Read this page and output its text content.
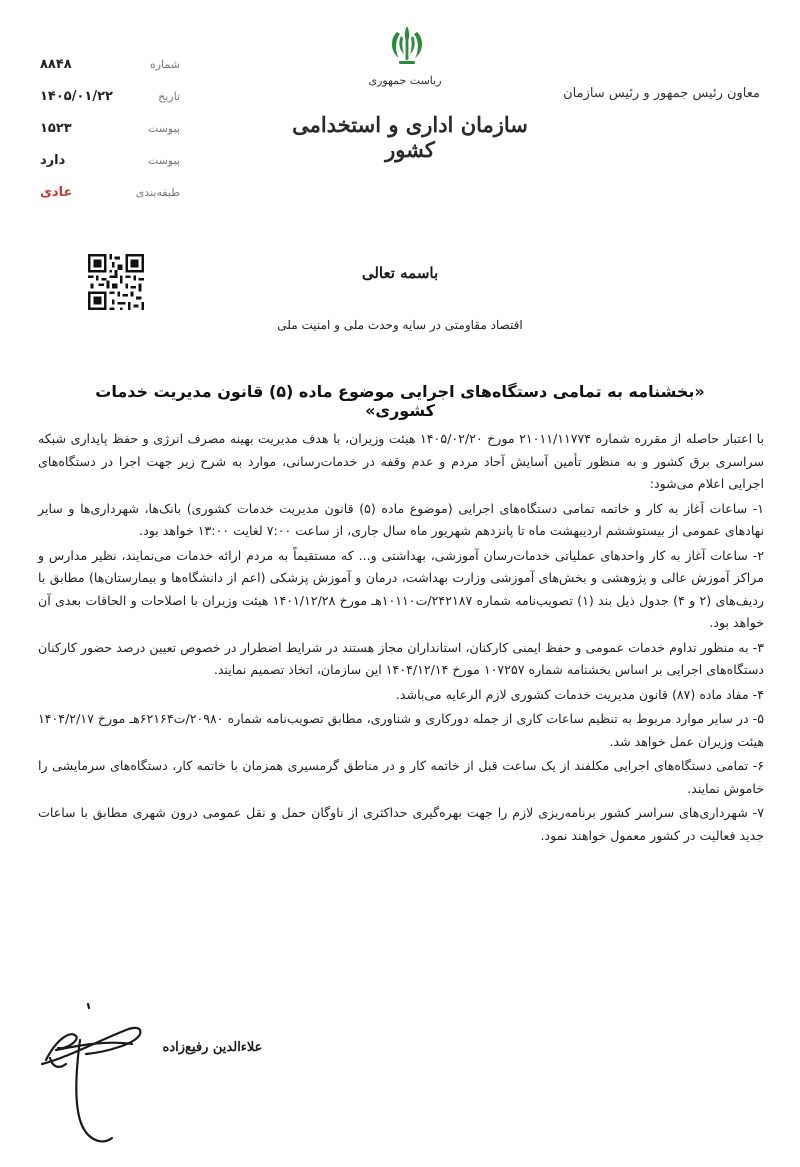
شماره
۸۸۴۸
تاریخ
۱۴۰۵/۰۱/۲۲
پیوست
۱۵۲۳
پیوست
دارد
طبقه‌بندی
عادی
ریاست جمهوری
سازمان اداری و استخدامی کشور
معاون رئیس جمهور و رئیس سازمان
باسمه تعالی
اقتصاد مقاومتی در سایه وحدت ملی و امنیت ملی
«بخشنامه به تمامی دستگاه‌های اجرایی موضوع ماده (۵) قانون مدیریت خدمات کشوری»

با اعتبار حاصله از مقرره شماره ۲۱۰۱۱/۱۱۷۷۴ مورخ ۱۴۰۵/۰۲/۲۰ هیئت وزیران، با هدف مدیریت بهینه مصرف انرژی و حفظ پایداری شبکه سراسری برق کشور و به منظور تأمین آسایش آحاد مردم و عدم وقفه در خدمات‌رسانی، موارد به شرح زیر جهت اجرا در دستگاه‌های اجرایی اعلام می‌شود:

۱- ساعات آغاز به کار و خاتمه تمامی دستگاه‌های اجرایی (موضوع ماده (۵) قانون مدیریت خدمات کشوری) بانک‌ها، شهرداری‌ها و سایر نهادهای عمومی از بیستوششم اردیبهشت ماه تا پانزدهم شهریور ماه سال جاری، از ساعت ۷:۰۰ لغایت ۱۳:۰۰ خواهد بود.

۲- ساعات آغاز به کار واحدهای عملیاتی خدمات‌رسان آموزشی، بهداشتی و... که مستقیماً به مردم ارائه خدمات می‌نمایند، نظیر مدارس و مراکز آموزش عالی و پژوهشی و بخش‌های آموزشی وزارت بهداشت، درمان و آموزش پزشکی (اعم از دانشگاه‌ها و بیمارستان‌ها) مطابق با ردیف‌های (۲ و ۴) جدول ذیل بند (۱) تصویب‌نامه شماره ۲۴۲۱۸۷/ت۱۰۱۱۰هـ مورخ ۱۴۰۱/۱۲/۲۸ هیئت وزیران با اصلاحات و الحاقات بعدی آن خواهد بود.

۳- به منظور تداوم خدمات عمومی و حفظ ایمنی کارکنان، استانداران مجاز هستند در شرایط اضطرار در خصوص تعیین درصد حضور کارکنان دستگاه‌های اجرایی بر اساس بخشنامه شماره ۱۰۷۲۵۷ مورخ ۱۴۰۴/۱۲/۱۴ این سازمان، اتخاذ تصمیم نمایند.

۴- مفاد ماده (۸۷) قانون مدیریت خدمات کشوری لازم الرعایه می‌باشد.

۵- در سایر موارد مربوط به تنظیم ساعات کاری از جمله دورکاری و شناوری، مطابق تصویب‌نامه شماره ۲۰۹۸۰/ت۶۲۱۶۴هـ مورخ ۱۴۰۴/۲/۱۷ هیئت وزیران عمل خواهد شد.

۶- تمامی دستگاه‌های اجرایی مکلفند از یک ساعت قبل از خاتمه کار و در مناطق گرمسیری همزمان با خاتمه کار، دستگاه‌های سرمایشی را خاموش نمایند.

۷- شهرداری‌های سراسر کشور برنامه‌ریزی لازم را جهت بهره‌گیری حداکثری از ناوگان حمل و نقل عمومی درون شهری مطابق با ساعات جدید فعالیت در کشور معمول خواهند نمود.

علاءالدین رفیع‌زاده
